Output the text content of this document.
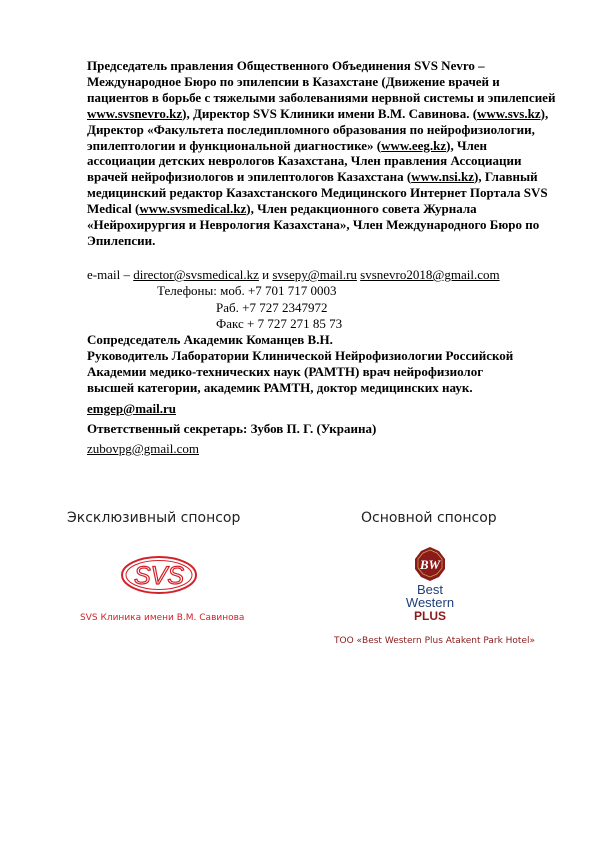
Председатель правления Общественного Объединения SVS Nevro – Международное Бюро по эпилепсии в Казахстане (Движение врачей и пациентов в борьбе с тяжелыми заболеваниями нервной системы и эпилепсией www.svsnevro.kz), Директор SVS Клиники имени В.М. Савинова. (www.svs.kz), Директор «Факультета последипломного образования по нейрофизиологии, эпилептологии и функциональной диагностике» (www.eeg.kz), Член ассоциации детских неврологов Казахстана, Член правления Ассоциации врачей нейрофизиологов и эпилептологов Казахстана (www.nsi.kz), Главный медицинский редактор Казахстанского Медицинского Интернет Портала SVS Medical (www.svsmedical.kz), Член редакционного совета Журнала «Нейрохирургия и Неврология Казахстана», Член Международного Бюро по Эпилепсии.
e-mail – director@svsmedical.kz и svsepy@mail.ru svsnevro2018@gmail.com
Телефоны: моб. +7 701 717 0003
Раб. +7 727 2347972
Факс + 7 727 271 85 73
Сопредседатель Академик Команцев В.Н.
Руководитель Лаборатории Клинической Нейрофизиологии Российской
Академии медико-технических наук (РАМТН) врач нейрофизиолог
высшей категории, академик РАМТН, доктор медицинских наук.
emgep@mail.ru
Ответственный секретарь: Зубов П. Г. (Украина)
zubovpg@gmail.com
Эксклюзивный спонсор	Основной спонсор
SVS
SVS Клиника имени В.М. Савинова
BW
Best
Western
PLUS
ТОО «Best Western Plus Atakent Park Hotel»
